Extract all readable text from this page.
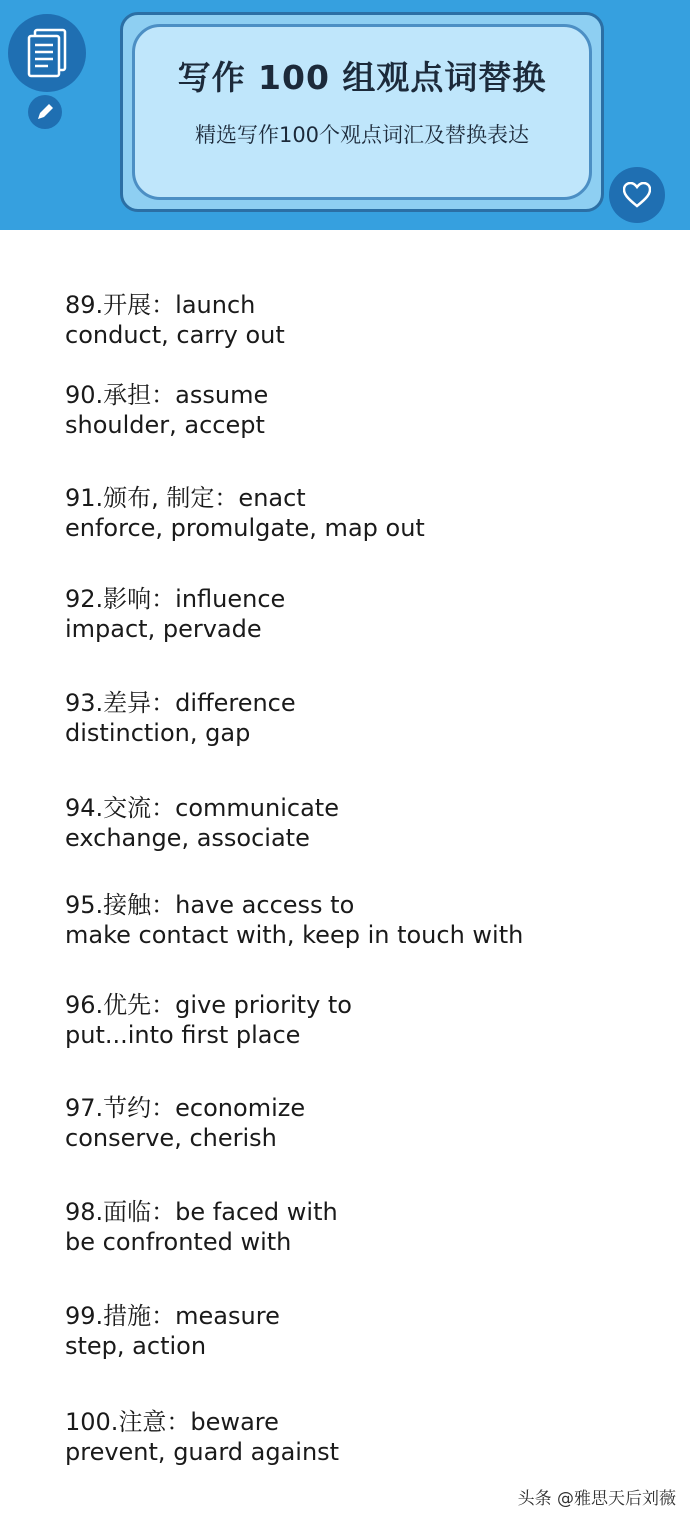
写作 100 组观点词替换
精选写作100个观点词汇及替换表达
89.开展：launch
conduct, carry out
90.承担：assume
shoulder, accept
91.颁布, 制定：enact
enforce, promulgate, map out
92.影响：influence
impact, pervade
93.差异：difference
distinction, gap
94.交流：communicate
exchange, associate
95.接触：have access to
make contact with, keep in touch with
96.优先：give priority to
put...into first place
97.节约：economize
conserve, cherish
98.面临：be faced with
be confronted with
99.措施：measure
step, action
100.注意：beware
prevent, guard against
头条 @雅思天后刘薇
